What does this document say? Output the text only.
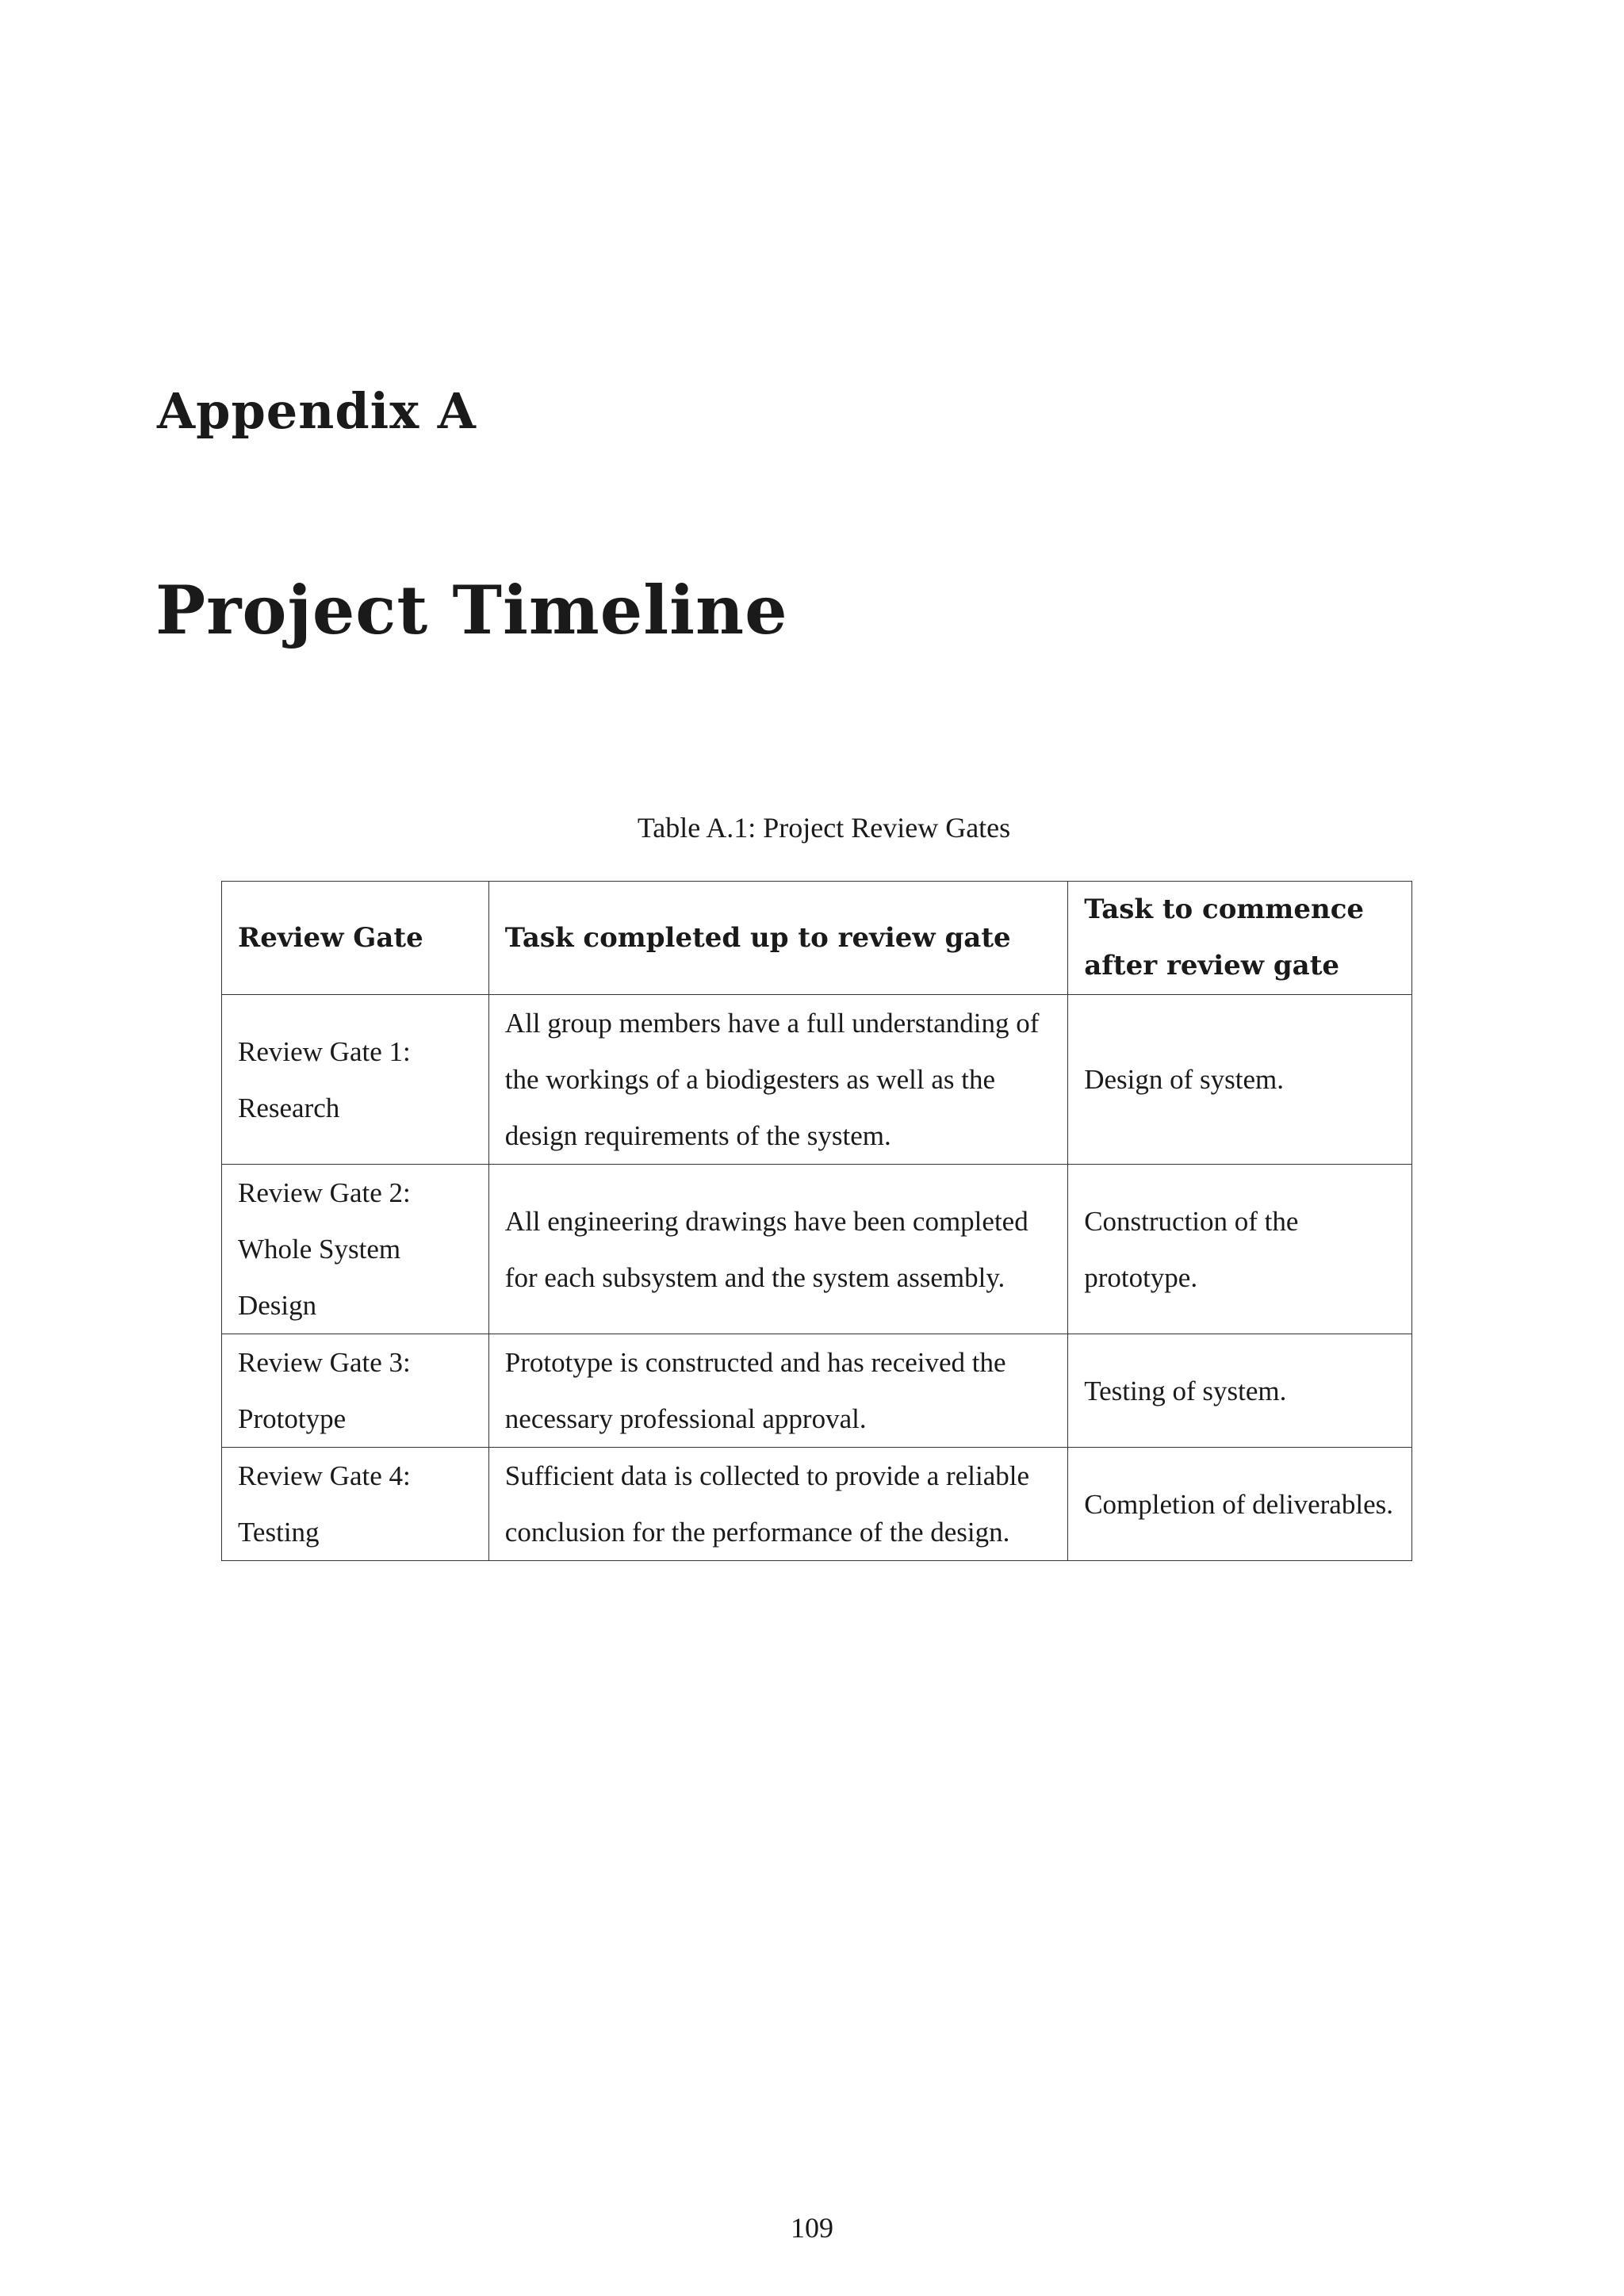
Appendix A
Project Timeline

Table A.1: Project Review Gates

Review Gate	Task completed up to review gate	Task to commence after review gate
Review Gate 1: Research	All group members have a full understanding of the workings of a biodigesters as well as the design requirements of the system.	Design of system.
Review Gate 2: Whole System Design	All engineering drawings have been completed for each subsystem and the system assembly.	Construction of the prototype.
Review Gate 3: Prototype	Prototype is constructed and has received the necessary professional approval.	Testing of system.
Review Gate 4: Testing	Sufficient data is collected to provide a reliable conclusion for the performance of the design.	Completion of deliverables.

109
